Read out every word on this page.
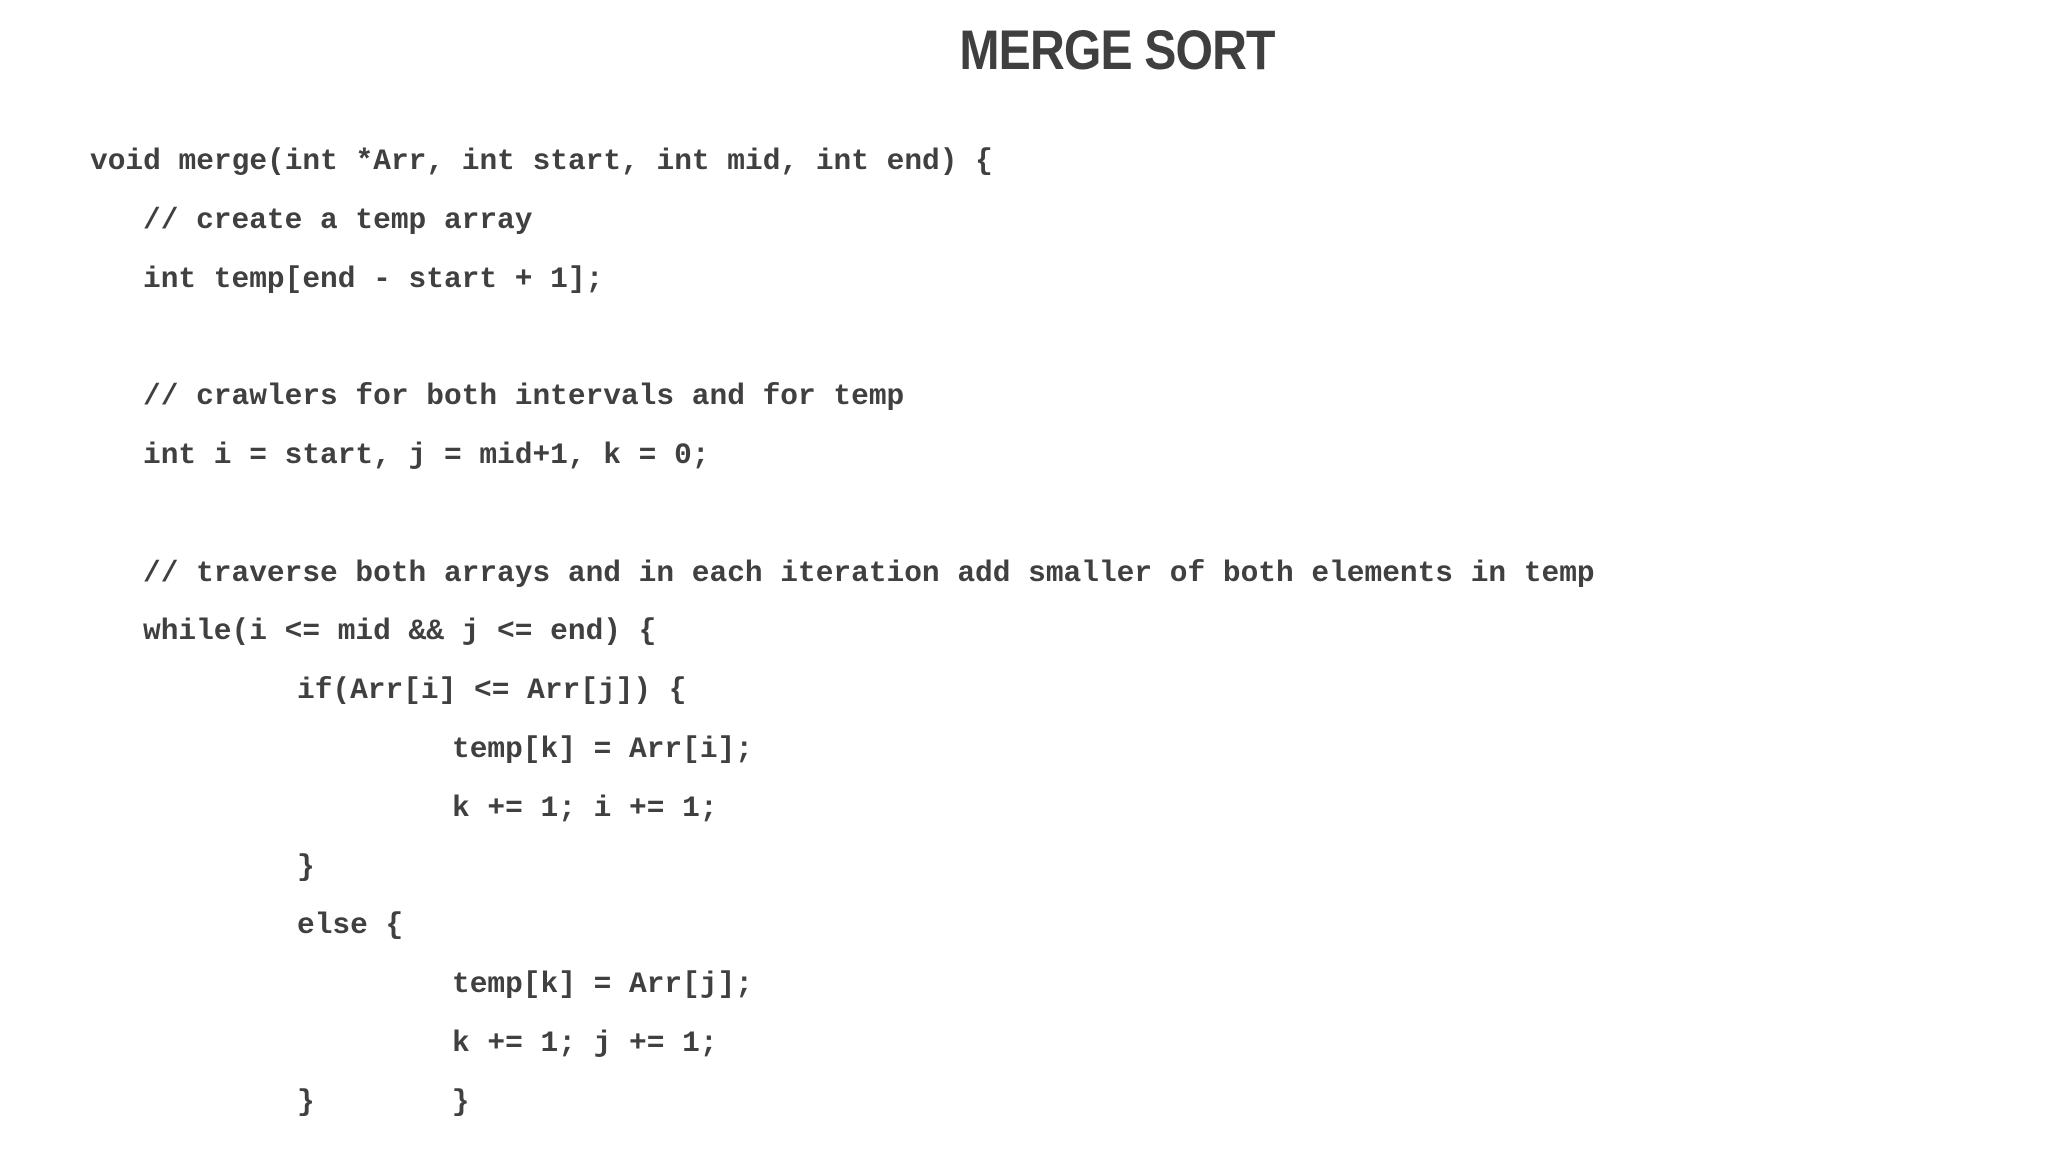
MERGE SORT
void merge(int *Arr, int start, int mid, int end) {
// create a temp array
int temp[end - start + 1];
// crawlers for both intervals and for temp
int i = start, j = mid+1, k = 0;
// traverse both arrays and in each iteration add smaller of both elements in temp
while(i <= mid && j <= end) {
if(Arr[i] <= Arr[j]) {
temp[k] = Arr[i];
k += 1; i += 1;
}
else {
temp[k] = Arr[j];
k += 1; j += 1;
}	}
